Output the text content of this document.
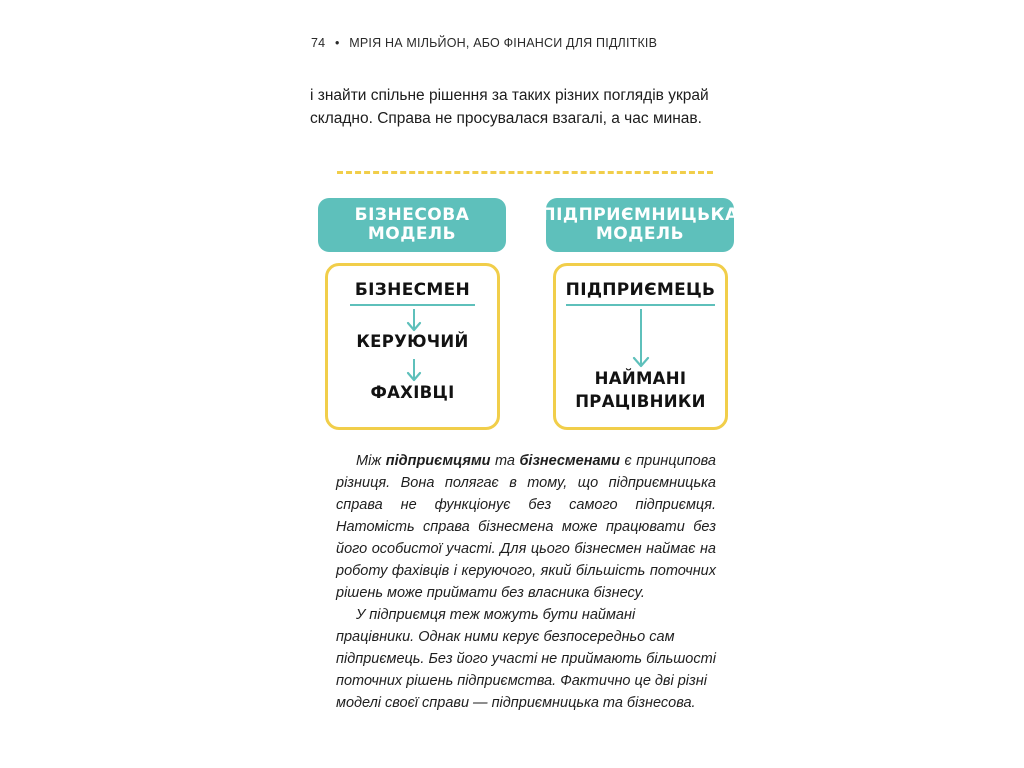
74 • МРІЯ НА МІЛЬЙОН, АБО ФІНАНСИ ДЛЯ ПІДЛІТКІВ

і знайти спільне рішення за таких різних поглядів украй складно. Справа не просувалася взагалі, а час минав.

БІЗНЕСОВА
МОДЕЛЬ
БІЗНЕСМЕН
КЕРУЮЧИЙ
ФАХІВЦІ
ПІДПРИЄМНИЦЬКА
МОДЕЛЬ
ПІДПРИЄМЕЦЬ
НАЙМАНІ
ПРАЦІВНИКИ

Між підприємцями та бізнесменами є принципова різниця. Вона полягає в тому, що підприємницька справа не функціонує без самого підприємця. Натомість справа бізнесмена може працювати без його особистої участі. Для цього бізнесмен наймає на роботу фахівців і керуючого, який більшість поточних рішень може приймати без власника бізнесу.

У підприємця теж можуть бути наймані працівники. Однак ними керує безпосередньо сам підприємець. Без його участі не приймають більшості поточних рішень підприємства. Фактично це дві різні моделі своєї справи — підприємницька та бізнесова.
